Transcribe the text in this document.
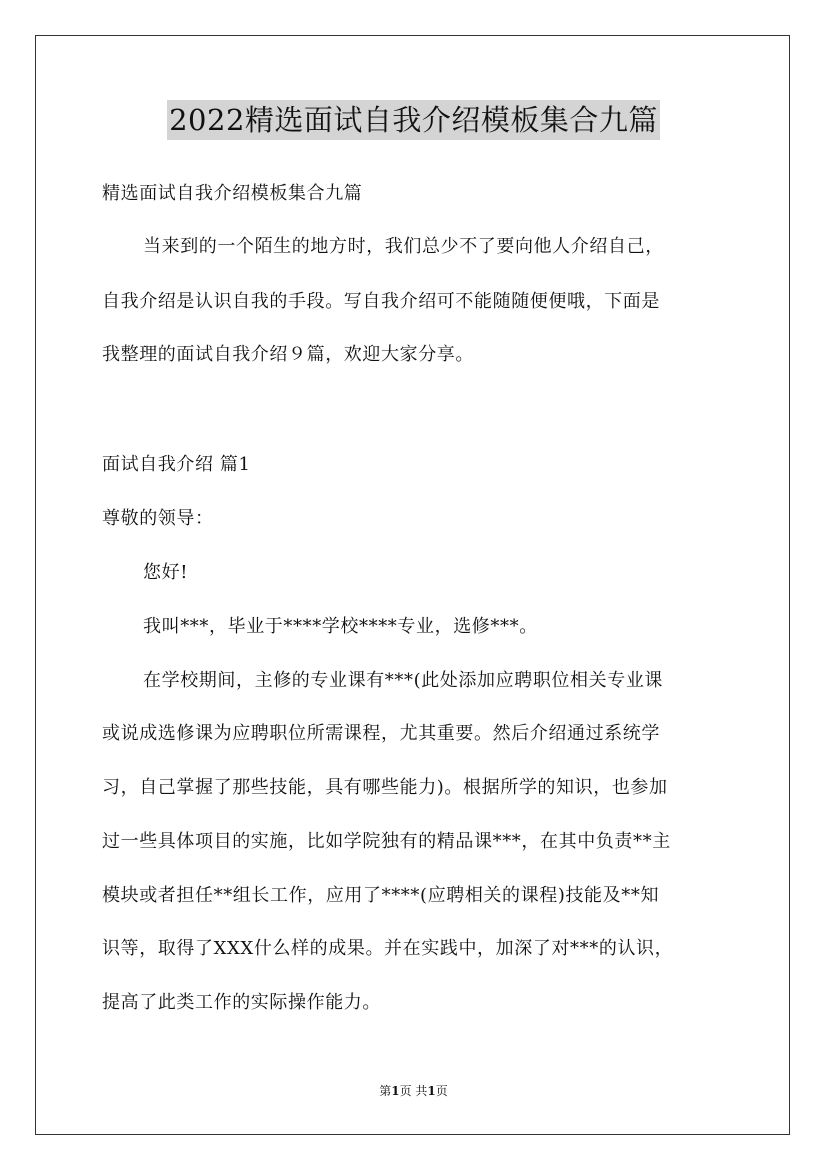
2022精选面试自我介绍模板集合九篇
精选面试自我介绍模板集合九篇
当来到的一个陌生的地方时，我们总少不了要向他人介绍自己，
自我介绍是认识自我的手段。写自我介绍可不能随随便便哦，下面是
我整理的面试自我介绍９篇，欢迎大家分享。
面试自我介绍 篇1
尊敬的领导：
您好!
我叫***，毕业于****学校****专业，选修***。
在学校期间，主修的专业课有***(此处添加应聘职位相关专业课
或说成选修课为应聘职位所需课程，尤其重要。然后介绍通过系统学
习，自己掌握了那些技能，具有哪些能力)。根据所学的知识，也参加
过一些具体项目的实施，比如学院独有的精品课***，在其中负责**主
模块或者担任**组长工作，应用了****(应聘相关的课程)技能及**知
识等，取得了XXX什么样的成果。并在实践中，加深了对***的认识，
提高了此类工作的实际操作能力。
第1页 共1页
